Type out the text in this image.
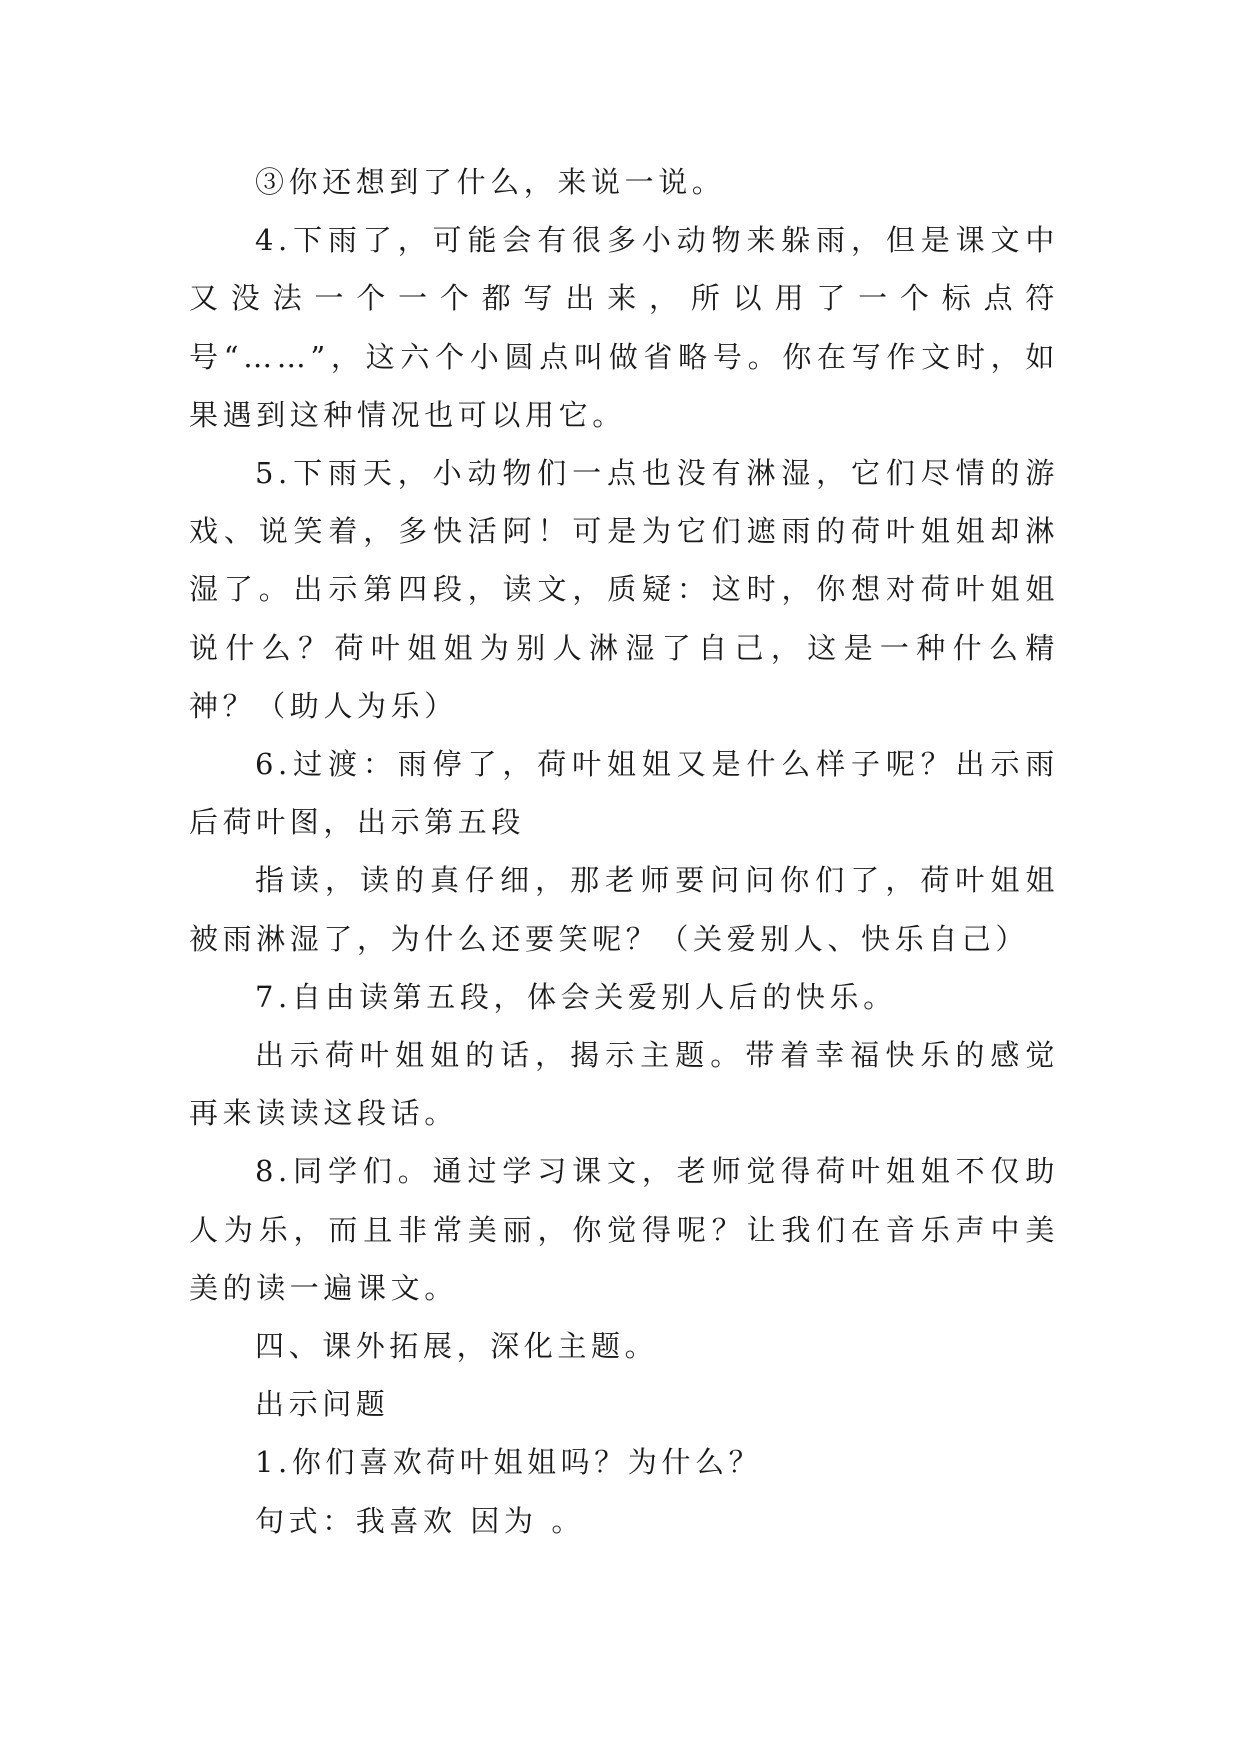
③你还想到了什么，来说一说。

4.下雨了，可能会有很多小动物来躲雨，但是课文中又没法一个一个都写出来，所以用了一个标点符号“……”，这六个小圆点叫做省略号。你在写作文时，如果遇到这种情况也可以用它。

5.下雨天，小动物们一点也没有淋湿，它们尽情的游戏、说笑着，多快活阿！可是为它们遮雨的荷叶姐姐却淋湿了。出示第四段，读文，质疑：这时，你想对荷叶姐姐说什么？荷叶姐姐为别人淋湿了自己，这是一种什么精神？（助人为乐）

6.过渡：雨停了，荷叶姐姐又是什么样子呢？出示雨后荷叶图，出示第五段

指读，读的真仔细，那老师要问问你们了，荷叶姐姐被雨淋湿了，为什么还要笑呢？（关爱别人、快乐自己）

7.自由读第五段，体会关爱别人后的快乐。

出示荷叶姐姐的话，揭示主题。带着幸福快乐的感觉再来读读这段话。

8.同学们。通过学习课文，老师觉得荷叶姐姐不仅助人为乐，而且非常美丽，你觉得呢？让我们在音乐声中美美的读一遍课文。

四、课外拓展，深化主题。

出示问题

1.你们喜欢荷叶姐姐吗？为什么？

句式：我喜欢 因为 。
